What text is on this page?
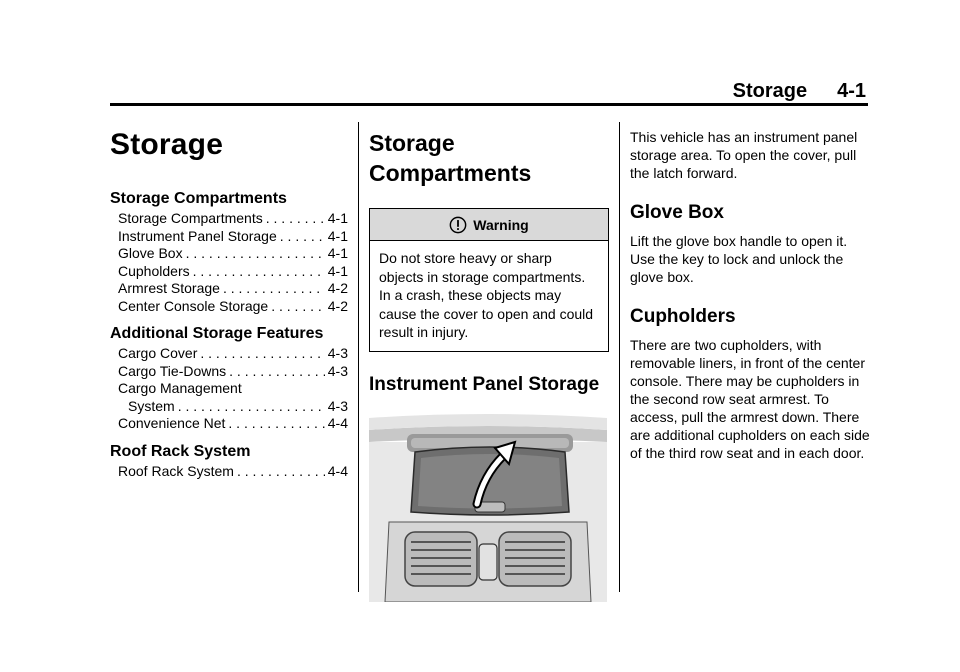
Storage 4-1
Storage
Storage Compartments
Storage Compartments . . .	4-1
Instrument Panel Storage . . .	4-1
Glove Box . . .	4-1
Cupholders . . .	4-1
Armrest Storage . . .	4-2
Center Console Storage . . .	4-2
Additional Storage Features
Cargo Cover . . .	4-3
Cargo Tie-Downs . . .	4-3
Cargo Management
System . . .	4-3
Convenience Net . . .	4-4
Roof Rack System
Roof Rack System . . .	4-4
Storage
Compartments
Warning
Do not store heavy or sharp objects in storage compartments. In a crash, these objects may cause the cover to open and could result in injury.
Instrument Panel Storage

This vehicle has an instrument panel storage area. To open the cover, pull the latch forward.

Glove Box

Lift the glove box handle to open it. Use the key to lock and unlock the glove box.

Cupholders

There are two cupholders, with removable liners, in front of the center console. There may be cupholders in the second row seat armrest. To access, pull the armrest down. There are additional cupholders on each side of the third row seat and in each door.
